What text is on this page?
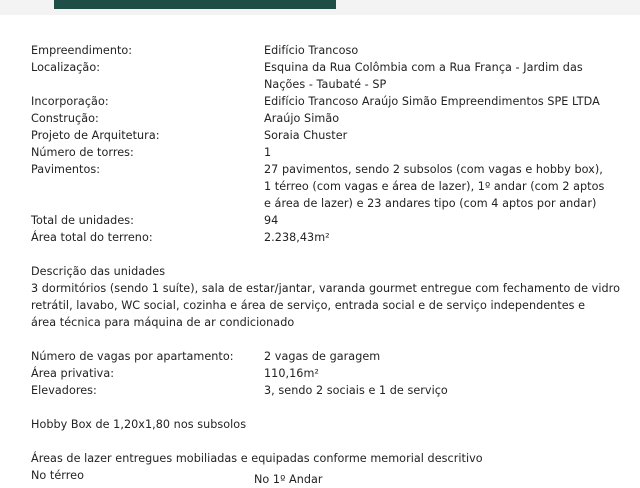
Empreendimento:	Edifício Trancoso
Localização:	Esquina da Rua Colômbia com a Rua França - Jardim das
Nações - Taubaté - SP
Incorporação:	Edifício Trancoso Araújo Simão Empreendimentos SPE LTDA
Construção:	Araújo Simão
Projeto de Arquitetura:	Soraia Chuster
Número de torres:	1
Pavimentos:	27 pavimentos, sendo 2 subsolos (com vagas e hobby box),
1 térreo (com vagas e área de lazer), 1º andar (com 2 aptos
e área de lazer) e 23 andares tipo (com 4 aptos por andar)
Total de unidades:	94
Área total do terreno:	2.238,43m²
Descrição das unidades
3 dormitórios (sendo 1 suíte), sala de estar/jantar, varanda gourmet entregue com fechamento de vidro
retrátil, lavabo, WC social, cozinha e área de serviço, entrada social e de serviço independentes e
área técnica para máquina de ar condicionado
Número de vagas por apartamento:	2 vagas de garagem
Área privativa:	110,16m²
Elevadores:	3, sendo 2 sociais e 1 de serviço
Hobby Box de 1,20x1,80 nos subsolos
Áreas de lazer entregues mobiliadas e equipadas conforme memorial descritivo
No térreo	No 1º Andar
